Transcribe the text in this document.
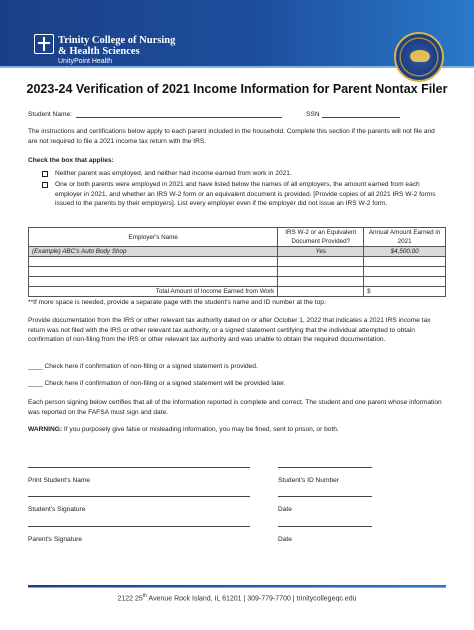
Trinity College of Nursing
& Health Sciences
UnityPoint Health
2023-24 Verification of 2021 Income Information for Parent Nontax Filer
Student Name:	SSN
The instructions and certifications below apply to each parent included in the household. Complete this section if the parents will not file and are not required to file a 2021 income tax return with the IRS.
Check the box that applies:
Neither parent was employed, and neither had income earned from work in 2021.
One or both parents were employed in 2021 and have listed below the names of all employers, the amount earned from each employer in 2021, and whether an IRS W-2 form or an equivalent document is provided. [Provide copies of all 2021 IRS W-2 forms issued to the parents by their employers]. List every employer even if the employer did not issue an IRS W-2 form.
Employer's Name	IRS W-2 or an Equivalent Document Provided?	Annual Amount Earned in 2021
(Example) ABC's Auto Body Shop	Yes	$4,500.00

Total Amount of Income Earned from Work		$
**If more space is needed, provide a separate page with the student's name and ID number at the top.
Provide documentation from the IRS or other relevant tax authority dated on or after October 1, 2022 that indicates a 2021 IRS income tax return was not filed with the IRS or other relevant tax authority, or a signed statement certifying that the individual attempted to obtain confirmation of non-filing from the IRS or other relevant tax authority and was unable to obtain the required documentation.
____ Check here if confirmation of non-filing or a signed statement is provided.
____ Check here if confirmation of non-filing or a signed statement will be provided later.
Each person signing below certifies that all of the information reported is complete and correct. The student and one parent whose information was reported on the FAFSA must sign and date.
WARNING: If you purposely give false or misleading information, you may be fined, sent to prison, or both.
Print Student's Name	Student's ID Number
Student's Signature	Date
Parent's Signature	Date
2122 25th Avenue Rock Island, IL 61201 | 309-779-7700 | trinitycollegeqc.edu
